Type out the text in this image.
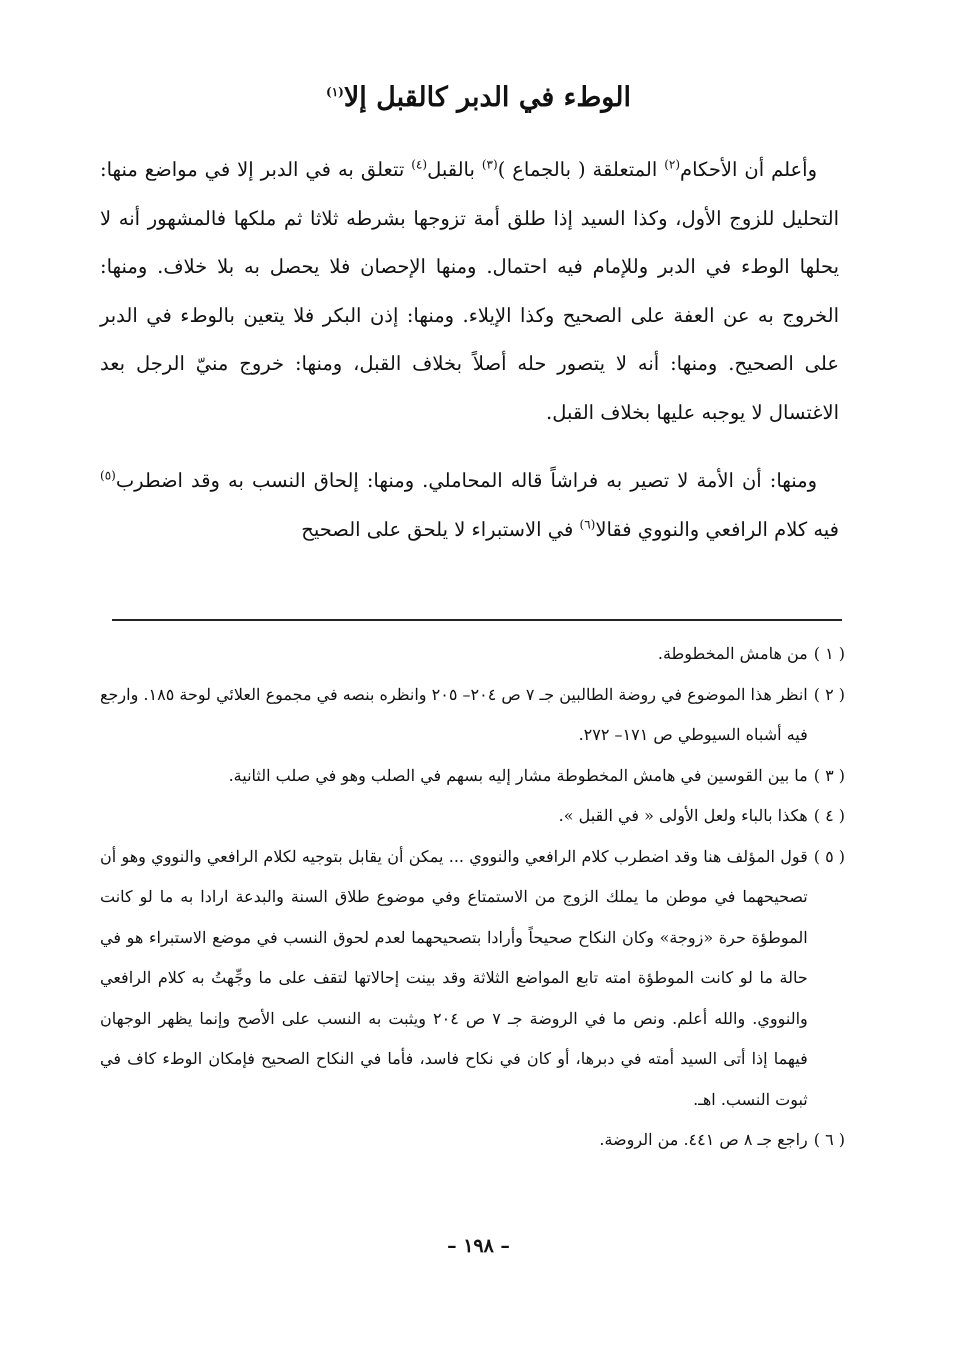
الوطء في الدبر كالقبل إلا$^{(١)}$

وأعلم أن الأحكام$^{(٢)}$ المتعلقة ( بالجماع )$^{(٣)}$ بالقبل$^{(٤)}$ تتعلق به في الدبر إلا في مواضع منها: التحليل للزوج الأول، وكذا السيد إذا طلق أمة تزوجها بشرطه ثلاثا ثم ملكها فالمشهور أنه لا يحلها الوطء في الدبر وللإمام فيه احتمال. ومنها الإحصان فلا يحصل به بلا خلاف. ومنها: الخروج به عن العفة على الصحيح وكذا الإيلاء. ومنها: إذن البكر فلا يتعين بالوطء في الدبر على الصحيح. ومنها: أنه لا يتصور حله أصلاً بخلاف القبل، ومنها: خروج منيّ الرجل بعد الاغتسال لا يوجبه عليها بخلاف القبل.

ومنها: أن الأمة لا تصير به فراشاً قاله المحاملي. ومنها: إلحاق النسب به وقد اضطرب$^{(٥)}$ فيه كلام الرافعي والنووي فقالا$^{(٦)}$ في الاستبراء لا يلحق على الصحيح

( ١ )
من هامش المخطوطة.

( ٢ )
انظر هذا الموضوع في روضة الطالبين جـ ٧ ص ٢٠٤– ٢٠٥ وانظره بنصه في مجموع العلائي لوحة ١٨٥. وارجع فيه أشباه السيوطي ص ١٧١– ٢٧٢.

( ٣ )
ما بين القوسين في هامش المخطوطة مشار إليه بسهم في الصلب وهو في صلب الثانية.

( ٤ )
هكذا بالباء ولعل الأولى « في القبل ».

( ٥ )
قول المؤلف هنا وقد اضطرب كلام الرافعي والنووي ... يمكن أن يقابل بتوجيه لكلام الرافعي والنووي وهو أن تصحيحهما في موطن ما يملك الزوج من الاستمتاع وفي موضوع طلاق السنة والبدعة ارادا به ما لو كانت الموطؤة حرة «زوجة» وكان النكاح صحيحاً وأرادا بتصحيحهما لعدم لحوق النسب في موضع الاستبراء هو في حالة ما لو كانت الموطؤة امته تابع المواضع الثلاثة وقد بينت إحالاتها لتقف على ما وجِّهتُ به كلام الرافعي والنووي. والله أعلم. ونص ما في الروضة جـ ٧ ص ٢٠٤ ويثبت به النسب على الأصح وإنما يظهر الوجهان فيهما إذا أتى السيد أمته في دبرها، أو كان في نكاح فاسد، فأما في النكاح الصحيح فإمكان الوطء كاف في ثبوت النسب. اهـ.

( ٦ )
راجع جـ ٨ ص ٤٤١. من الروضة.

– ١٩٨ –
